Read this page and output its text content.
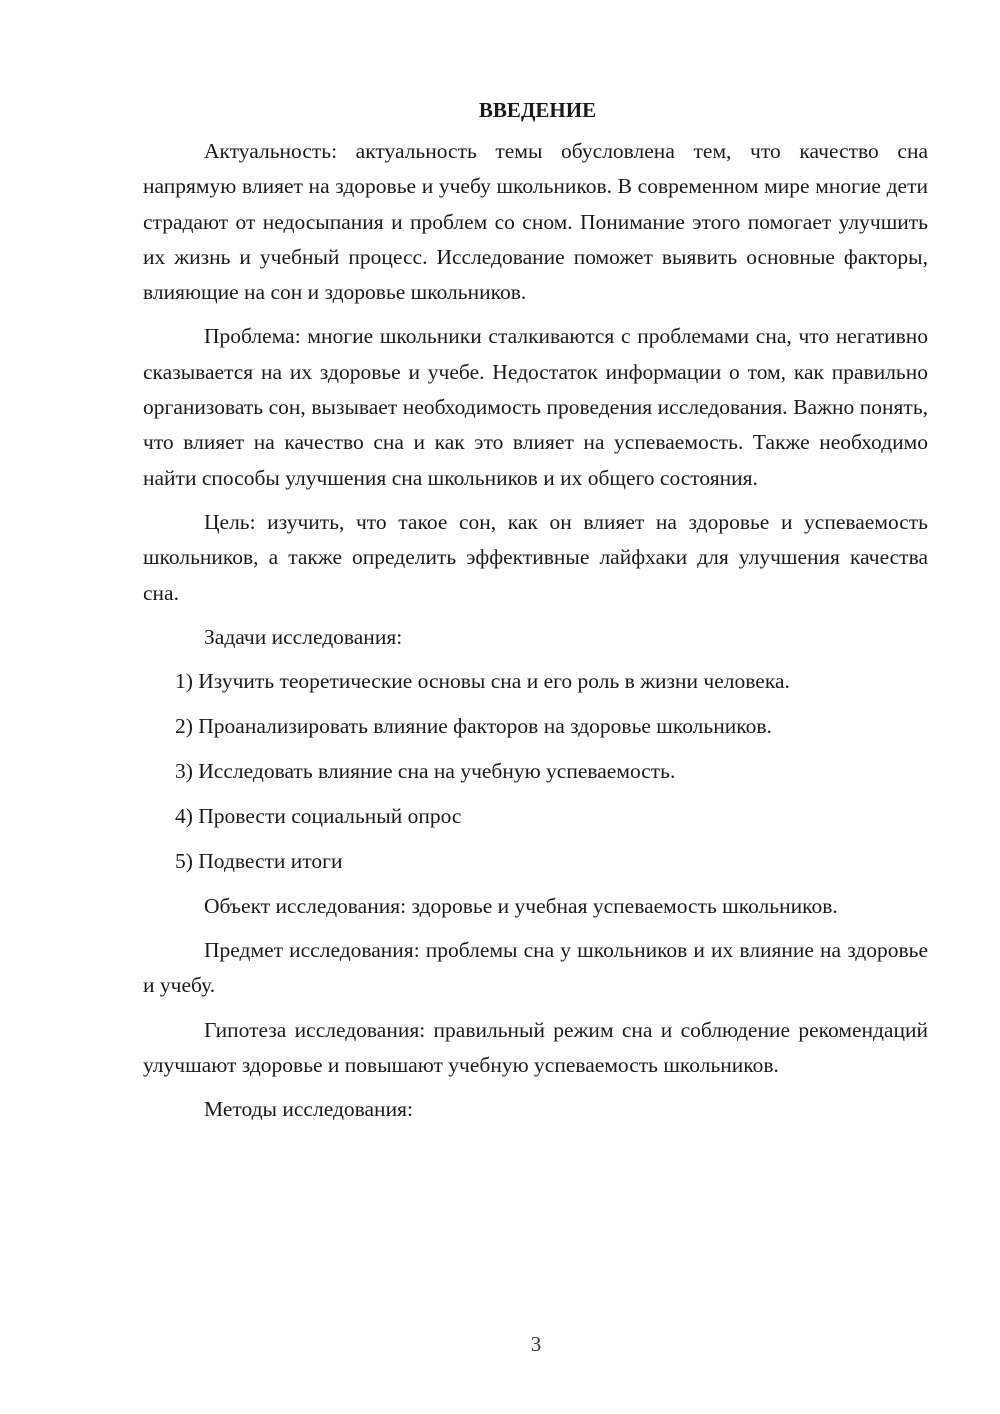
ВВЕДЕНИЕ

Актуальность: актуальность темы обусловлена тем, что качество сна напрямую влияет на здоровье и учебу школьников. В современном мире многие дети страдают от недосыпания и проблем со сном. Понимание этого помогает улучшить их жизнь и учебный процесс. Исследование поможет выявить основные факторы, влияющие на сон и здоровье школьников.

Проблема: многие школьники сталкиваются с проблемами сна, что негативно сказывается на их здоровье и учебе. Недостаток информации о том, как правильно организовать сон, вызывает необходимость проведения исследования. Важно понять, что влияет на качество сна и как это влияет на успеваемость. Также необходимо найти способы улучшения сна школьников и их общего состояния.

Цель: изучить, что такое сон, как он влияет на здоровье и успеваемость школьников, а также определить эффективные лайфхаки для улучшения качества сна.

Задачи исследования:

1) Изучить теоретические основы сна и его роль в жизни человека.
2) Проанализировать влияние факторов на здоровье школьников.
3) Исследовать влияние сна на учебную успеваемость.
4) Провести социальный опрос
5) Подвести итоги

Объект исследования: здоровье и учебная успеваемость школьников.

Предмет исследования: проблемы сна у школьников и их влияние на здоровье и учебу.

Гипотеза исследования: правильный режим сна и соблюдение рекомендаций улучшают здоровье и повышают учебную успеваемость школьников.

Методы исследования:

3
